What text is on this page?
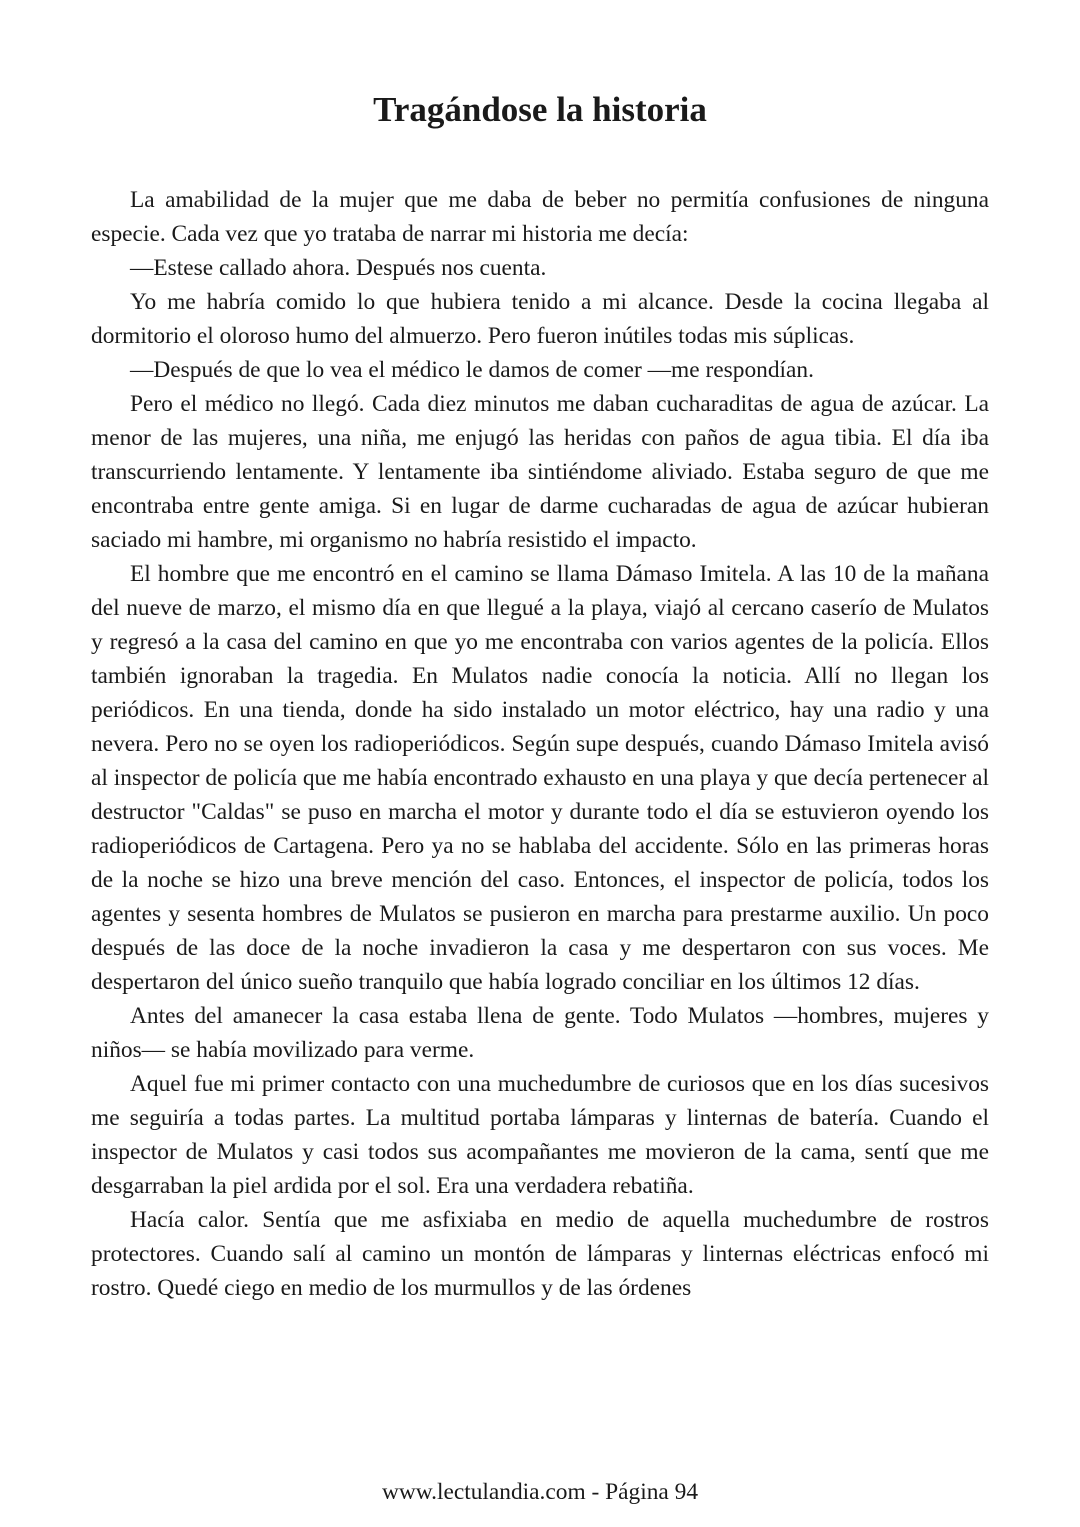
Tragándose la historia

La amabilidad de la mujer que me daba de beber no permitía confusiones de ninguna especie. Cada vez que yo trataba de narrar mi historia me decía:

—Estese callado ahora. Después nos cuenta.

Yo me habría comido lo que hubiera tenido a mi alcance. Desde la cocina llegaba al dormitorio el oloroso humo del almuerzo. Pero fueron inútiles todas mis súplicas.

—Después de que lo vea el médico le damos de comer —me respondían.

Pero el médico no llegó. Cada diez minutos me daban cucharaditas de agua de azúcar. La menor de las mujeres, una niña, me enjugó las heridas con paños de agua tibia. El día iba transcurriendo lentamente. Y lentamente iba sintiéndome aliviado. Estaba seguro de que me encontraba entre gente amiga. Si en lugar de darme cucharadas de agua de azúcar hubieran saciado mi hambre, mi organismo no habría resistido el impacto.

El hombre que me encontró en el camino se llama Dámaso Imitela. A las 10 de la mañana del nueve de marzo, el mismo día en que llegué a la playa, viajó al cercano caserío de Mulatos y regresó a la casa del camino en que yo me encontraba con varios agentes de la policía. Ellos también ignoraban la tragedia. En Mulatos nadie conocía la noticia. Allí no llegan los periódicos. En una tienda, donde ha sido instalado un motor eléctrico, hay una radio y una nevera. Pero no se oyen los radioperiódicos. Según supe después, cuando Dámaso Imitela avisó al inspector de policía que me había encontrado exhausto en una playa y que decía pertenecer al destructor "Caldas" se puso en marcha el motor y durante todo el día se estuvieron oyendo los radioperiódicos de Cartagena. Pero ya no se hablaba del accidente. Sólo en las primeras horas de la noche se hizo una breve mención del caso. Entonces, el inspector de policía, todos los agentes y sesenta hombres de Mulatos se pusieron en marcha para prestarme auxilio. Un poco después de las doce de la noche invadieron la casa y me despertaron con sus voces. Me despertaron del único sueño tranquilo que había logrado conciliar en los últimos 12 días.

Antes del amanecer la casa estaba llena de gente. Todo Mulatos —hombres, mujeres y niños— se había movilizado para verme.

Aquel fue mi primer contacto con una muchedumbre de curiosos que en los días sucesivos me seguiría a todas partes. La multitud portaba lámparas y linternas de batería. Cuando el inspector de Mulatos y casi todos sus acompañantes me movieron de la cama, sentí que me desgarraban la piel ardida por el sol. Era una verdadera rebatiña.

Hacía calor. Sentía que me asfixiaba en medio de aquella muchedumbre de rostros protectores. Cuando salí al camino un montón de lámparas y linternas eléctricas enfocó mi rostro. Quedé ciego en medio de los murmullos y de las órdenes

www.lectulandia.com - Página 94
